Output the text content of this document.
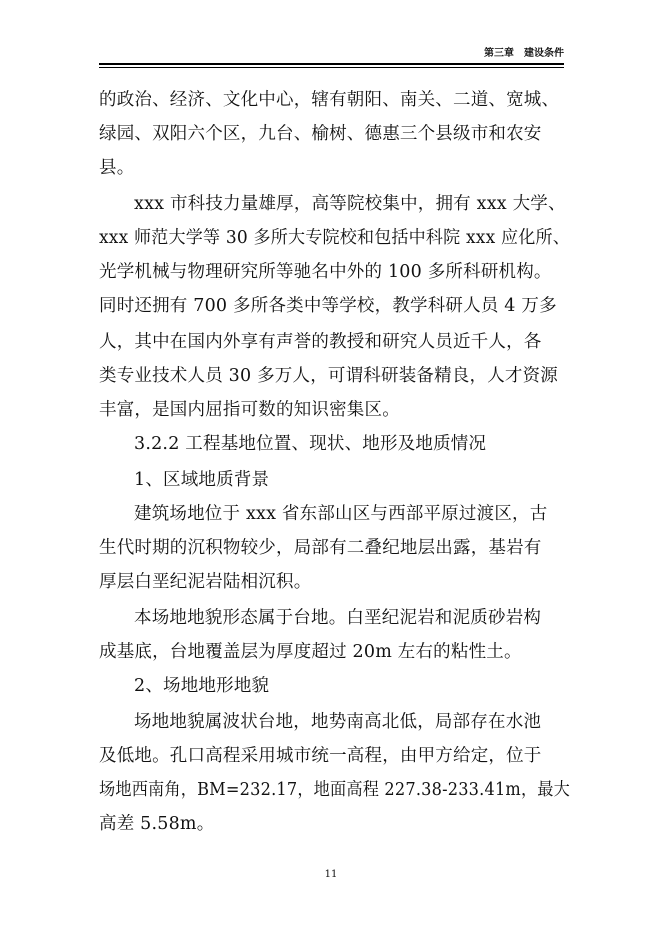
第三章　建设条件
的政治、经济、文化中心，辖有朝阳、南关、二道、宽城、
绿园、双阳六个区，九台、榆树、德惠三个县级市和农安
县。
xxx 市科技力量雄厚，高等院校集中，拥有 xxx 大学、
xxx 师范大学等 30 多所大专院校和包括中科院 xxx 应化所、
光学机械与物理研究所等驰名中外的 100 多所科研机构。
同时还拥有 700 多所各类中等学校，教学科研人员 4 万多
人，其中在国内外享有声誉的教授和研究人员近千人，各
类专业技术人员 30 多万人，可谓科研装备精良，人才资源
丰富，是国内屈指可数的知识密集区。
3.2.2 工程基地位置、现状、地形及地质情况
1、区域地质背景
建筑场地位于 xxx 省东部山区与西部平原过渡区，古
生代时期的沉积物较少，局部有二叠纪地层出露，基岩有
厚层白垩纪泥岩陆相沉积。
本场地地貌形态属于台地。白垩纪泥岩和泥质砂岩构
成基底，台地覆盖层为厚度超过 20m 左右的粘性土。
2、场地地形地貌
场地地貌属波状台地，地势南高北低，局部存在水池
及低地。孔口高程采用城市统一高程，由甲方给定，位于
场地西南角，BM=232.17，地面高程 227.38-233.41m，最大
高差 5.58m。
11
